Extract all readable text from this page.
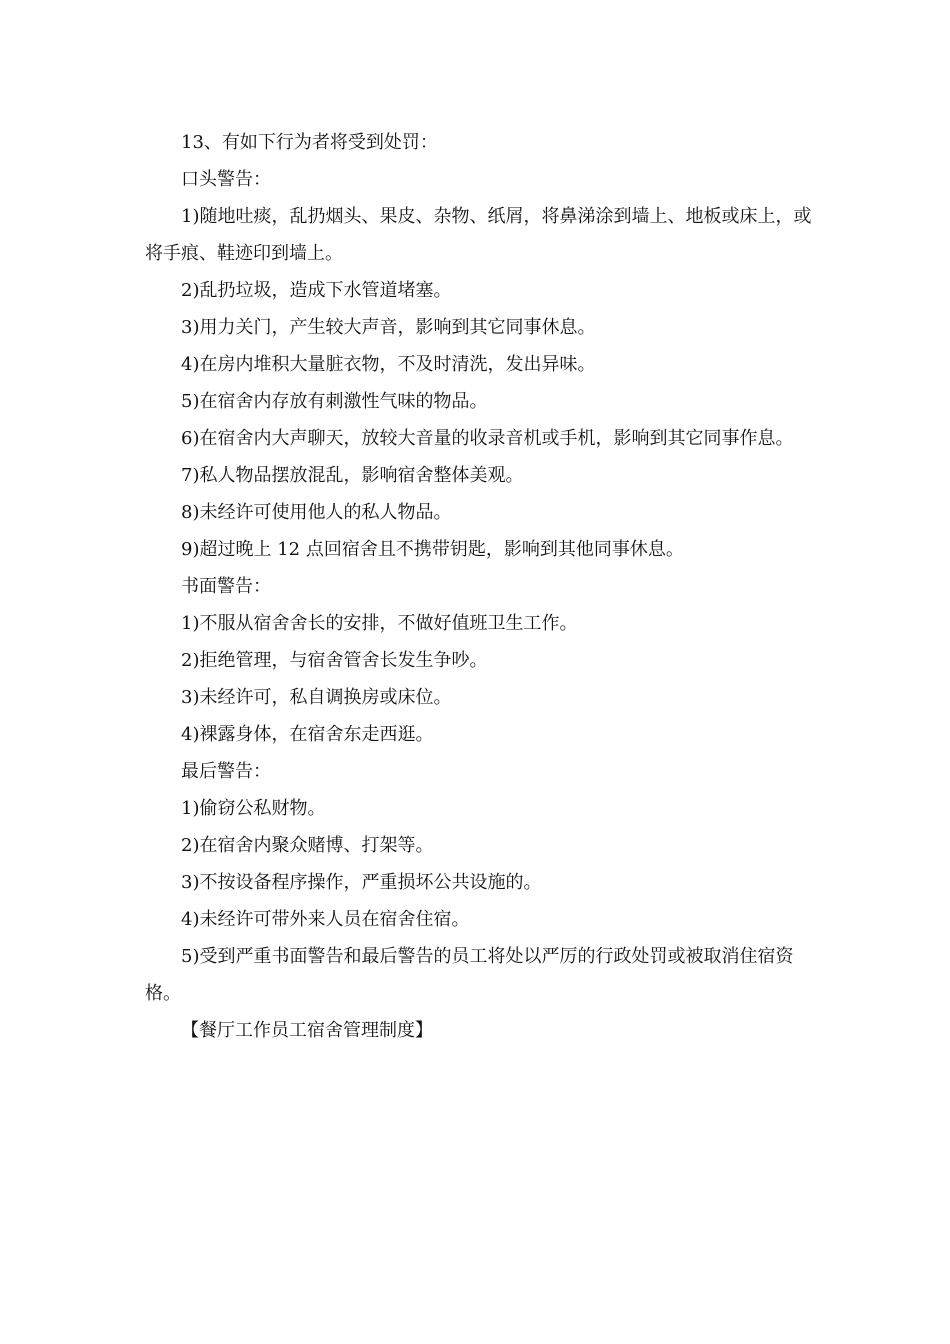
13、有如下行为者将受到处罚：

口头警告：

1)随地吐痰，乱扔烟头、果皮、杂物、纸屑，将鼻涕涂到墙上、地板或床上，或将手痕、鞋迹印到墙上。

2)乱扔垃圾，造成下水管道堵塞。

3)用力关门，产生较大声音，影响到其它同事休息。

4)在房内堆积大量脏衣物，不及时清洗，发出异味。

5)在宿舍内存放有刺激性气味的物品。

6)在宿舍内大声聊天，放较大音量的收录音机或手机，影响到其它同事作息。

7)私人物品摆放混乱，影响宿舍整体美观。

8)未经许可使用他人的私人物品。

9)超过晚上 12 点回宿舍且不携带钥匙，影响到其他同事休息。

书面警告：

1)不服从宿舍舍长的安排，不做好值班卫生工作。

2)拒绝管理，与宿舍管舍长发生争吵。

3)未经许可，私自调换房或床位。

4)裸露身体，在宿舍东走西逛。

最后警告：

1)偷窃公私财物。

2)在宿舍内聚众赌博、打架等。

3)不按设备程序操作，严重损坏公共设施的。

4)未经许可带外来人员在宿舍住宿。

5)受到严重书面警告和最后警告的员工将处以严厉的行政处罚或被取消住宿资格。

【餐厅工作员工宿舍管理制度】
